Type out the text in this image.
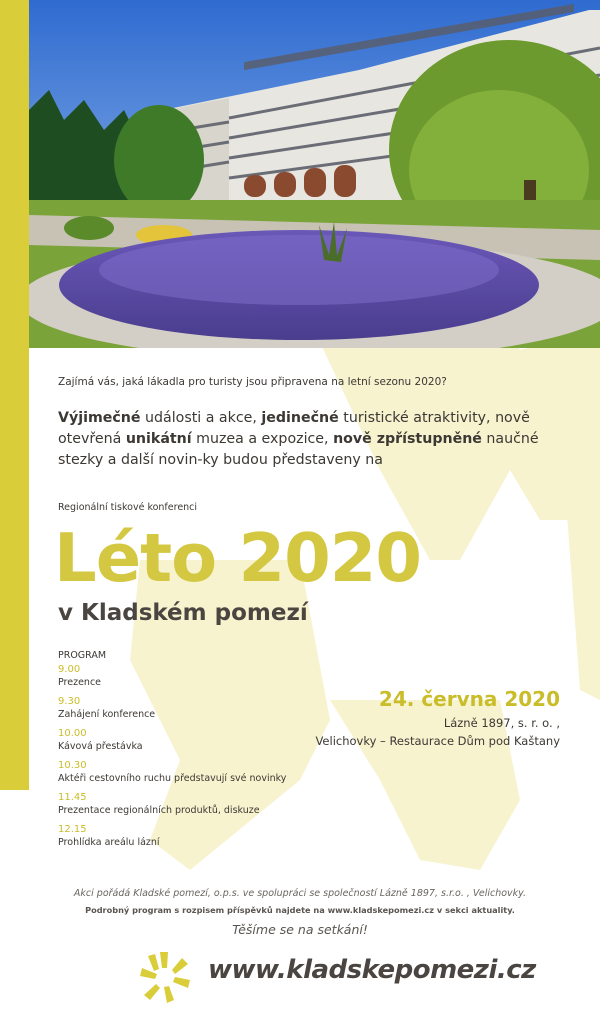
Zajímá vás, jaká lákadla pro turisty jsou připravena na letní sezonu 2020?
Výjimečné události a akce, jedinečné turistické atraktivity, nově otevřená unikátní muzea a expozice, nově zpřístupněné naučné stezky a další novin-ky budou představeny na
Regionální tiskové konferenci
Léto 2020
v Kladském pomezí
PROGRAM
9.00
Prezence
9.30
Zahájení konference
10.00
Kávová přestávka
10.30
Aktéři cestovního ruchu představují své novinky
11.45
Prezentace regionálních produktů, diskuze
12.15
Prohlídka areálu lázní
24. června 2020
Lázně 1897, s. r. o. ,
Velichovky – Restaurace Dům pod Kaštany
Akci pořádá Kladské pomezí, o.p.s. ve spolupráci se společností Lázně 1897, s.r.o. , Velichovky.
Podrobný program s rozpisem příspěvků najdete na www.kladskepomezi.cz v sekci aktuality.
Těšíme se na setkání!
www.kladskepomezi.cz
